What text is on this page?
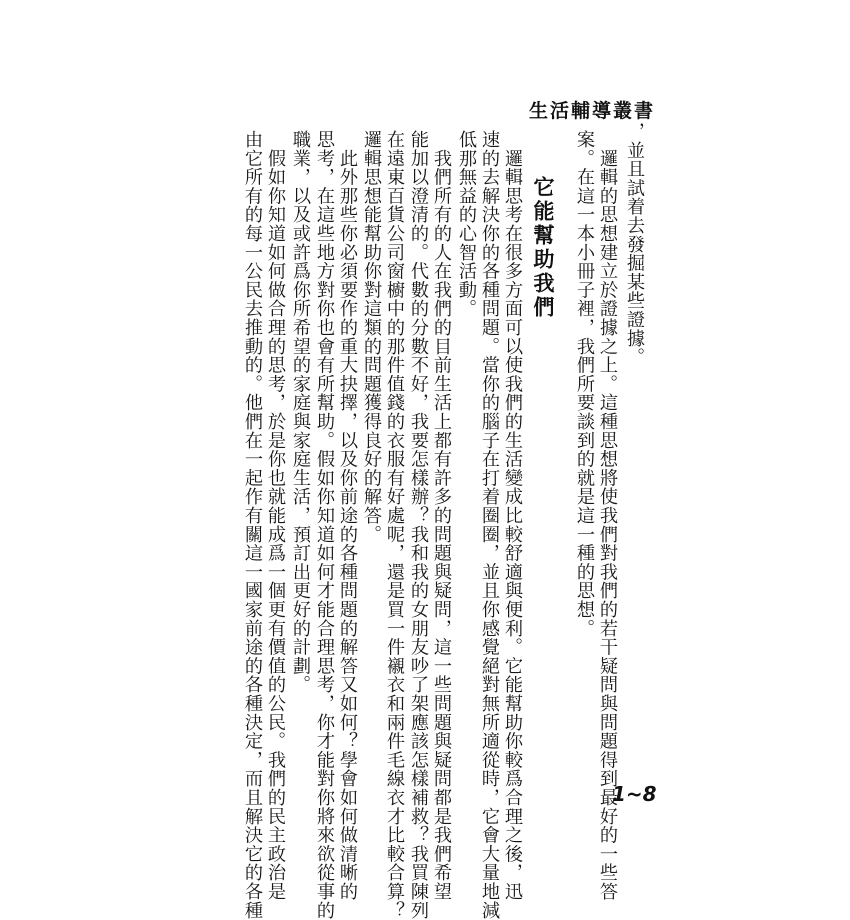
生活輔導叢書
，並且試着去發掘某些證據。
　邏輯的思想建立於證據之上。這種思想將使我們對我們的若干疑問與問題得到最好的一些答
案。在這一本小冊子裡，我們所要談到的就是這一種的思想。
它能幫助我們
　邏輯思考在很多方面可以使我們的生活變成比較舒適與便利。它能幫助你較爲合理之後，迅
速的去解決你的各種問題。當你的腦子在打着圈圈，並且你感覺絕對無所適從時，它會大量地減
低那無益的心智活動。
　我們所有的人在我們的目前生活上都有許多的問題與疑問，這一些問題與疑問都是我們希望
能加以澄清的。代數的分數不好，我要怎樣辦？我和我的女朋友吵了架應該怎樣補救？我買陳列
在遠東百貨公司窗櫥中的那件值錢的衣服有好處呢，還是買一件襯衣和兩件毛線衣才比較合算？
邏輯思想能幫助你對這類的問題獲得良好的解答。
　此外那些你必須要作的重大抉擇，以及你前途的各種問題的解答又如何？學會如何做清晰的
思考，在這些地方對你也會有所幫助。假如你知道如何才能合理思考，你才能對你將來欲從事的
職業，以及或許爲你所希望的家庭與家庭生活，預訂出更好的計劃。
　假如你知道如何做合理的思考，於是你也就能成爲一個更有價值的公民。我們的民主政治是
由它所有的每一公民去推動的。他們在一起作有關這一國家前途的各種決定，而且解決它的各種	1~8
